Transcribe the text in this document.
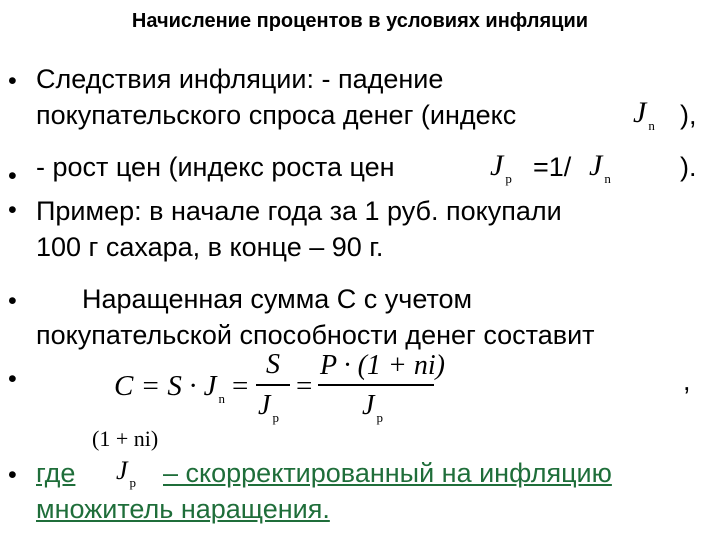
Начисление процентов в условиях инфляции
•
•
•
•
•
•
Следствия инфляции: - падение
покупательского спроса денег (индекс	J $_n$ ),
- рост цен (индекс роста цен	J $_p$ =1/ J $_n$	).
Пример: в начале года за 1 руб. покупали
100 г сахара, в конце – 90 г.
Наращенная сумма С с учетом
покупательской способности денег составит
C = S · J $_n$ =
S
J $_p$
=
P · (1 + ni)
J $_p$
,
(1 + ni)
где J $_p$ – скорректированный на инфляцию
множитель наращения.
